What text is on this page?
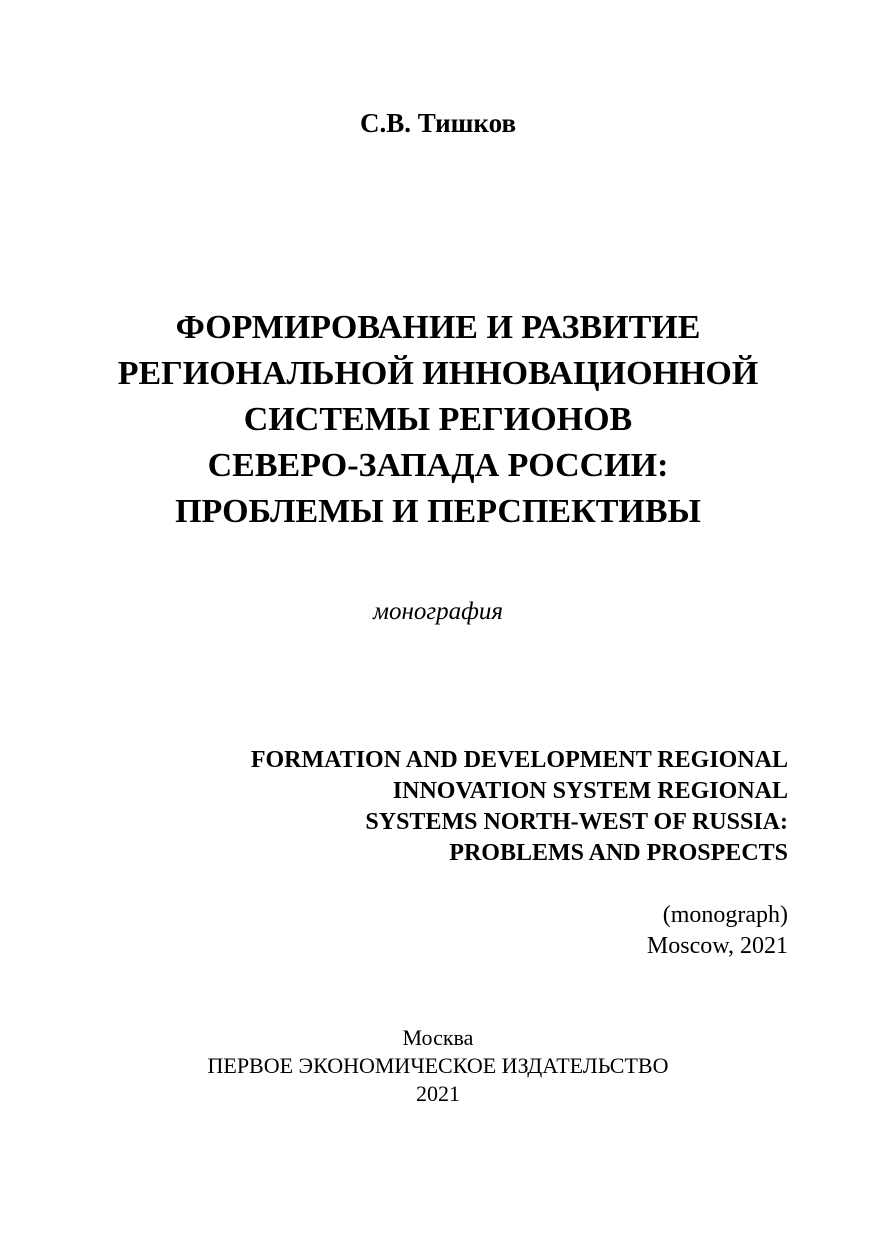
С.В. Тишков
ФОРМИРОВАНИЕ И РАЗВИТИЕ
РЕГИОНАЛЬНОЙ ИННОВАЦИОННОЙ
СИСТЕМЫ РЕГИОНОВ
СЕВЕРО-ЗАПАДА РОССИИ:
ПРОБЛЕМЫ И ПЕРСПЕКТИВЫ
монография
FORMATION AND DEVELOPMENT REGIONAL
INNOVATION SYSTEM REGIONAL
SYSTEMS NORTH-WEST OF RUSSIA:
PROBLEMS AND PROSPECTS
(monograph)
Moscow, 2021
Москва
ПЕРВОЕ ЭКОНОМИЧЕСКОЕ ИЗДАТЕЛЬСТВО
2021
